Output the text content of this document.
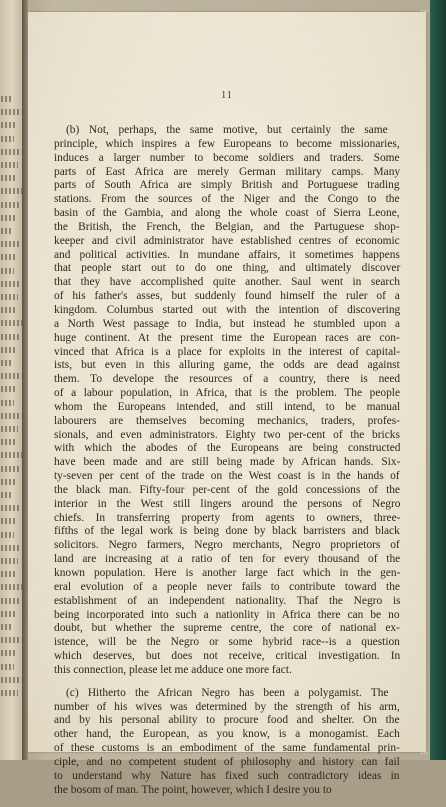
11
(b) Not, perhaps, the same motive, but certainly the same
principle, which inspires a few Europeans to become missionaries,
induces a larger number to become soldiers and traders. Some
parts of East Africa are merely German military camps. Many
parts of South Africa are simply British and Portuguese trading
stations. From the sources of the Niger and the Congo to the
basin of the Gambia, and along the whole coast of Sierra Leone,
the British, the French, the Belgian, and the Partuguese shop-
keeper and civil administrator have established centres of economic
and political activities. In mundane affairs, it sometimes happens
that people start out to do one thing, and ultimately discover
that they have accomplished quite another. Saul went in search
of his father's asses, but suddenly found himself the ruler of a
kingdom. Columbus started out with the intention of discovering
a North West passage to India, but instead he stumbled upon a
huge continent. At the present time the European races are con-
vinced that Africa is a place for exploits in the interest of capital-
ists, but even in this alluring game, the odds are dead against
them. To develope the resources of a country, there is need
of a labour population, in Africa, that is the problem. The people
whom the Europeans intended, and still intend, to be manual
labourers are themselves becoming mechanics, traders, profes-
sionals, and even administrators. Eighty two per-cent of the bricks
with which the abodes of the Europeans are being constructed
have been made and are still being made by African hands. Six-
ty-seven per cent of the trade on the West coast is in the hands of
the black man. Fifty-four per-cent of the gold concessions of the
interior in the West still lingers around the persons of Negro
chiefs. In transferring property from agents to owners, three-
fifths of the legal work is being done by black barristers and black
solicitors. Negro farmers, Negro merchants, Negro proprietors of
land are increasing at a ratio of ten for every thousand of the
known population. Here is another large fact which in the gen-
eral evolution of a people never fails to contribute toward the
establishment of an independent nationality. Thaf the Negro is
being incorporated into such a nationlity in Africa there can be no
doubt, but whether the supreme centre, the core of national ex-
istence, will be the Negro or some hybrid race--is a question
which deserves, but does not receive, critical investigation. In
this connection, please let me adduce one more fact.
(c) Hitherto the African Negro has been a polygamist. The
number of his wives was determined by the strength of his arm,
and by his personal ability to procure food and shelter. On the
other hand, the European, as you know, is a monogamist. Each
of these customs is an embodiment of the same fundamental prin-
ciple, and no competent student of philosophy and history can fail
to understand why Nature has fixed such contradictory ideas in
the bosom of man. The point, however, which I desire you to
